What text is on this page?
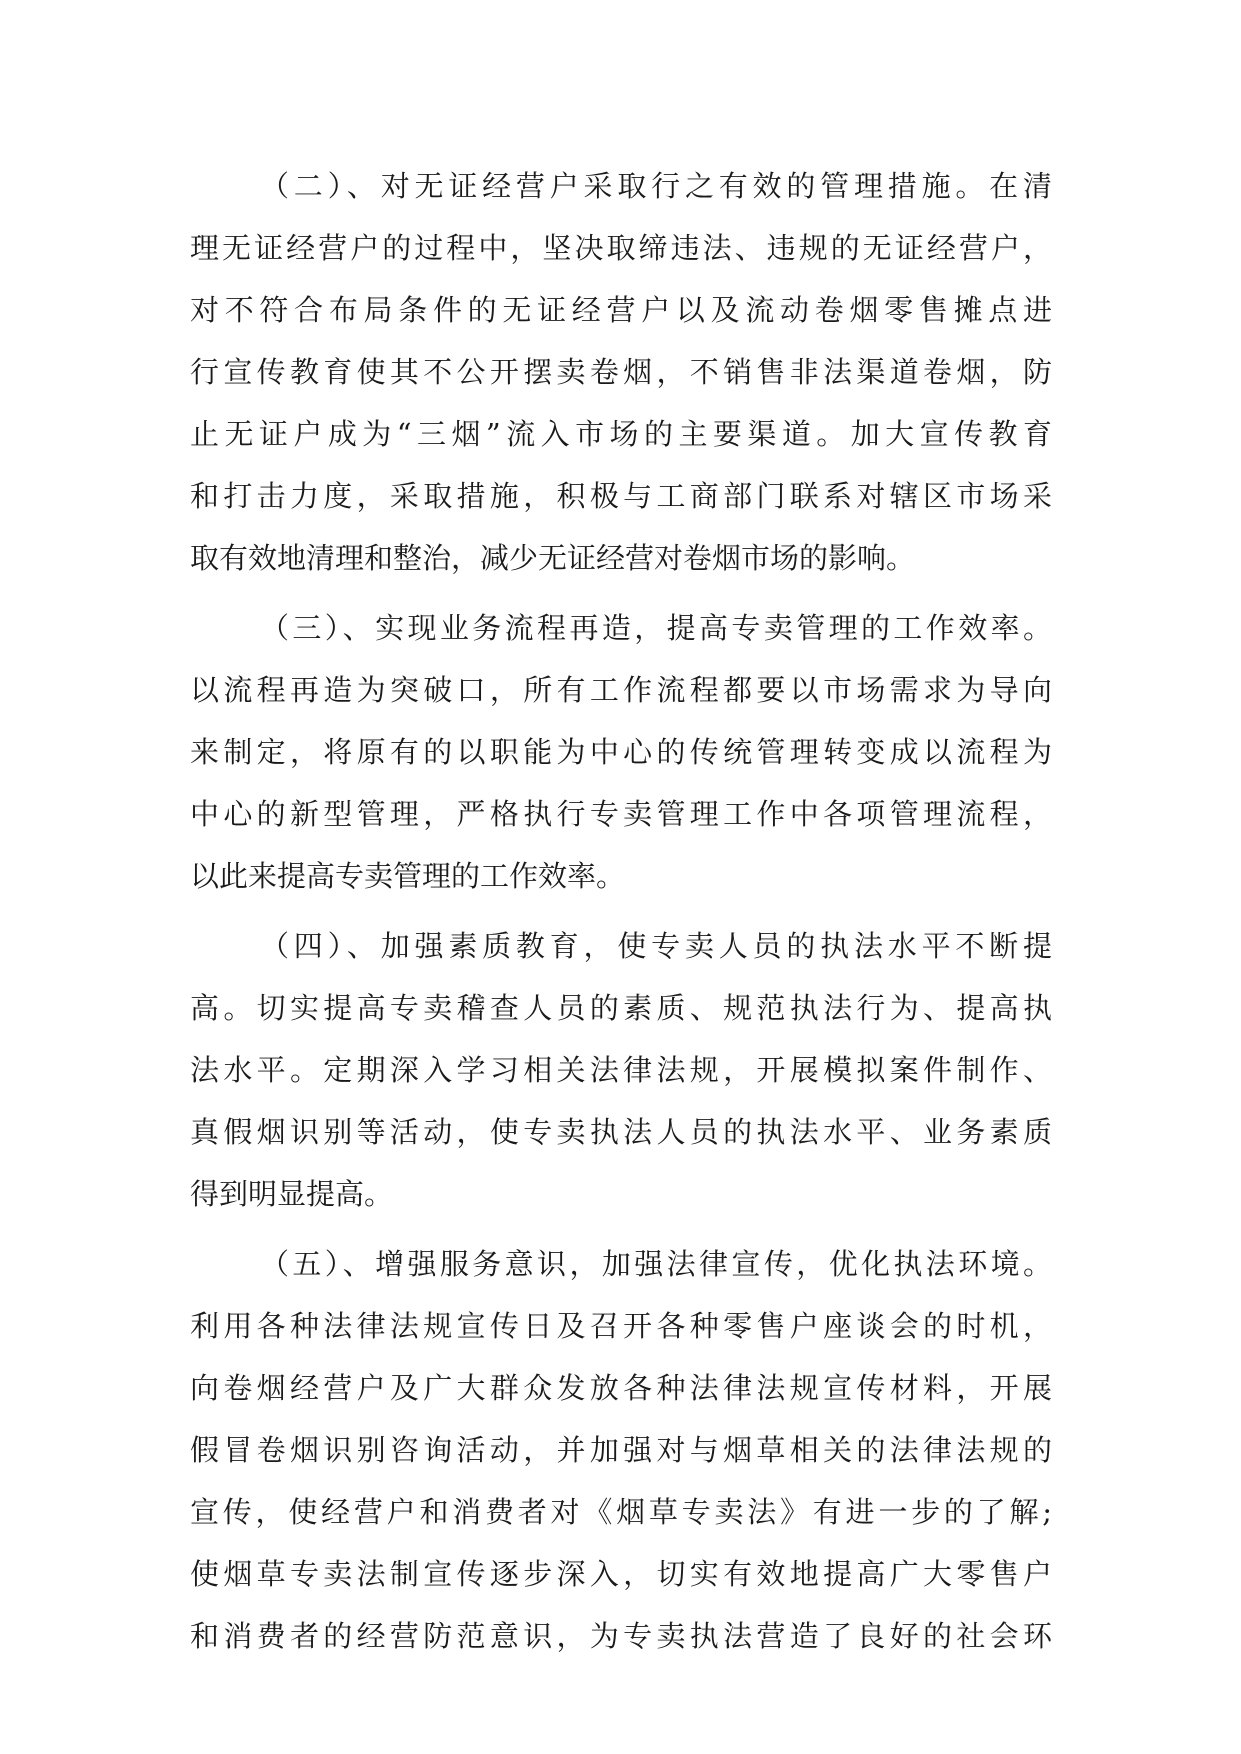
（二）、对无证经营户采取行之有效的管理措施。在清
理无证经营户的过程中，坚决取缔违法、违规的无证经营户，
对不符合布局条件的无证经营户以及流动卷烟零售摊点进
行宣传教育使其不公开摆卖卷烟，不销售非法渠道卷烟，防
止无证户成为“三烟”流入市场的主要渠道。加大宣传教育
和打击力度，采取措施，积极与工商部门联系对辖区市场采
取有效地清理和整治，减少无证经营对卷烟市场的影响。
（三）、实现业务流程再造，提高专卖管理的工作效率。
以流程再造为突破口，所有工作流程都要以市场需求为导向
来制定，将原有的以职能为中心的传统管理转变成以流程为
中心的新型管理，严格执行专卖管理工作中各项管理流程，
以此来提高专卖管理的工作效率。
（四）、加强素质教育，使专卖人员的执法水平不断提
高。切实提高专卖稽查人员的素质、规范执法行为、提高执
法水平。定期深入学习相关法律法规，开展模拟案件制作、
真假烟识别等活动，使专卖执法人员的执法水平、业务素质
得到明显提高。
（五）、增强服务意识，加强法律宣传，优化执法环境。
利用各种法律法规宣传日及召开各种零售户座谈会的时机，
向卷烟经营户及广大群众发放各种法律法规宣传材料，开展
假冒卷烟识别咨询活动，并加强对与烟草相关的法律法规的
宣传，使经营户和消费者对《烟草专卖法》有进一步的了解;
使烟草专卖法制宣传逐步深入，切实有效地提高广大零售户
和消费者的经营防范意识，为专卖执法营造了良好的社会环
